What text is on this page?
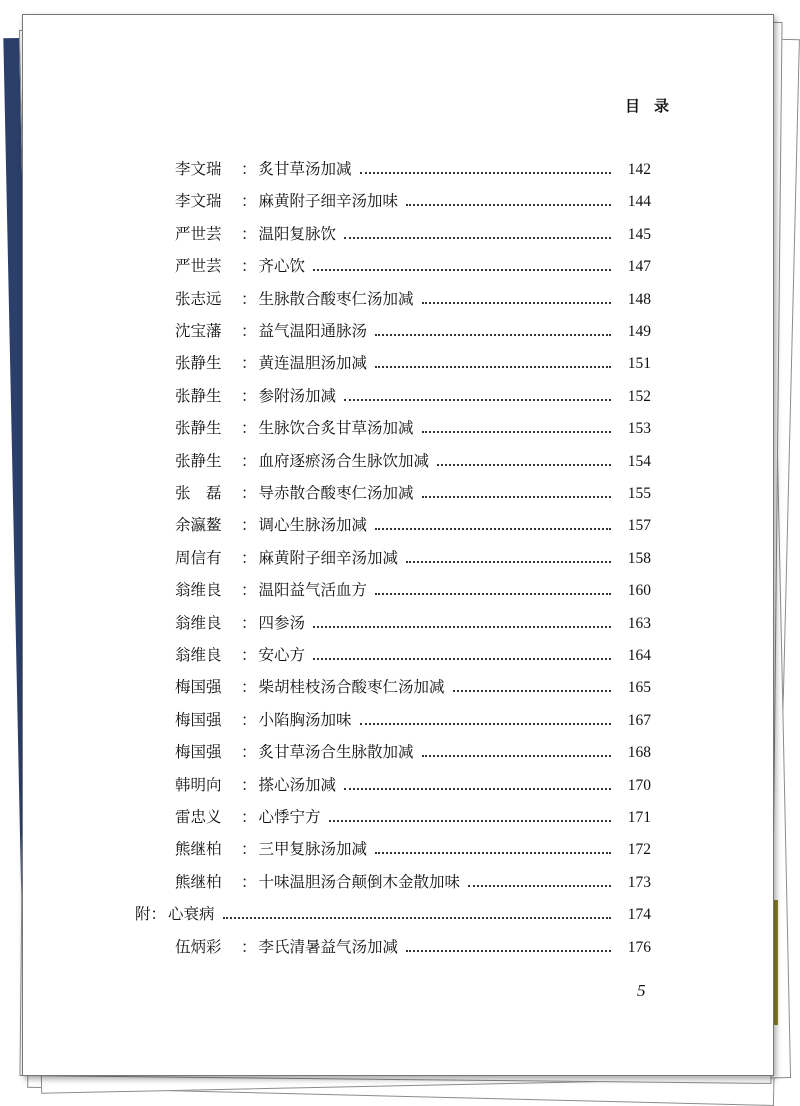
目录
李文瑞	： 炙甘草汤加减	142
李文瑞	： 麻黄附子细辛汤加味	144
严世芸	： 温阳复脉饮	145
严世芸	： 齐心饮	147
张志远	： 生脉散合酸枣仁汤加减	148
沈宝藩	： 益气温阳通脉汤	149
张静生	： 黄连温胆汤加减	151
张静生	： 参附汤加减	152
张静生	： 生脉饮合炙甘草汤加减	153
张静生	： 血府逐瘀汤合生脉饮加减	154
张　磊	： 导赤散合酸枣仁汤加减	155
余瀛鳌	： 调心生脉汤加减	157
周信有	： 麻黄附子细辛汤加减	158
翁维良	： 温阳益气活血方	160
翁维良	： 四参汤	163
翁维良	： 安心方	164
梅国强	： 柴胡桂枝汤合酸枣仁汤加减	165
梅国强	： 小陷胸汤加味	167
梅国强	： 炙甘草汤合生脉散加减	168
韩明向	： 搽心汤加减	170
雷忠义	： 心悸宁方	171
熊继柏	： 三甲复脉汤加减	172
熊继柏	： 十味温胆汤合颠倒木金散加味	173
附 ： 心衰病	174
伍炳彩	： 李氏清暑益气汤加减	176
5
